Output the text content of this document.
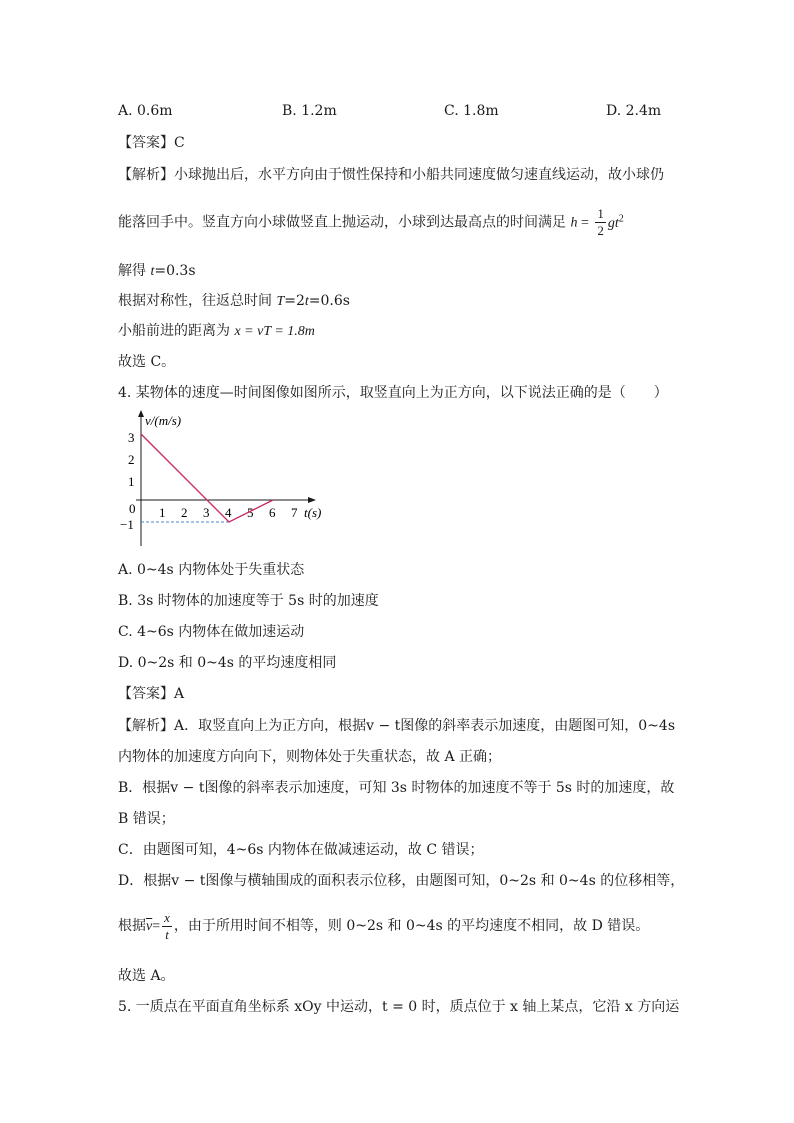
A. 0.6m	B. 1.2m	C. 1.8m	D. 2.4m
【答案】C
【解析】小球抛出后，水平方向由于惯性保持和小船共同速度做匀速直线运动，故小球仍
能落回手中。竖直方向小球做竖直上抛运动，小球到达最高点的时间满足 $h = \frac{1}{2} gt^2$
解得 t=0.3s
根据对称性，往返总时间 T=2t=0.6s
小船前进的距离为 x = vT = 1.8m
故选 C。
4. 某物体的速度—时间图像如图所示，取竖直向上为正方向，以下说法正确的是（　　）
v/(m/s)
t(s)
0
3
2
1
−1
1 2 3 4 5 6 7
A. 0~4s 内物体处于失重状态
B. 3s 时物体的加速度等于 5s 时的加速度
C. 4~6s 内物体在做加速运动
D. 0~2s 和 0~4s 的平均速度相同
【答案】A
【解析】A．取竖直向上为正方向，根据v − t图像的斜率表示加速度，由题图可知，0~4s
内物体的加速度方向向下，则物体处于失重状态，故 A 正确；
B．根据v − t图像的斜率表示加速度，可知 3s 时物体的加速度不等于 5s 时的加速度，故
B 错误；
C．由题图可知，4~6s 内物体在做减速运动，故 C 错误；
D．根据v − t图像与横轴围成的面积表示位移，由题图可知，0~2s 和 0~4s 的位移相等，
根据$\overline{v}= \frac{x}{t}$ ，由于所用时间不相等，则 0~2s 和 0~4s 的平均速度不相同，故 D 错误。
故选 A。
5. 一质点在平面直角坐标系 xOy 中运动，t = 0 时，质点位于 x 轴上某点，它沿 x 方向运
